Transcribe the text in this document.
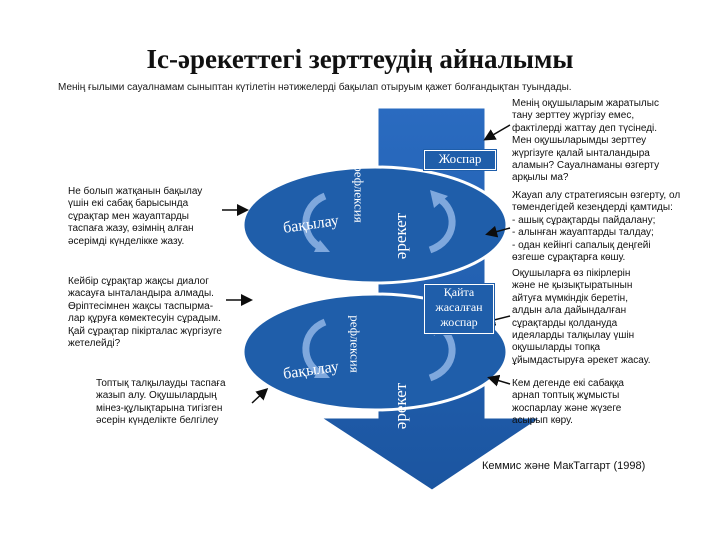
Іс-әрекеттегі зерттеудің айналымы
Менің ғылыми сауалнамам сыныптан күтілетін нәтижелерді бақылап отыруым қажет болғандықтан туындады.
Жоспар
Қайта
жасалған
жоспар
рефлексия
бақылау	әрекет
рефлексия
бақылау
әрекет
Менің оқушыларым жаратылыс
тану зерттеу жүргізу емес,
фактілерді жаттау деп түсінеді.
Мен оқушыларымды зерттеу
жүргізуге қалай ынталандыра
аламын? Сауалнаманы өзгерту
арқылы ма?
Жауап алу стратегиясын өзгерту, ол
төмендегідей кезеңдерді қамтиды:
- ашық сұрақтарды пайдалану;
- алынған жауаптарды талдау;
- одан кейінгі сапалық деңгейі
өзгеше сұрақтарға көшу.
Оқушыларға өз пікірлерін
және не қызықтыратынын
айтуға мүмкіндік беретін,
алдын ала дайындалған
сұрақтарды қолдануда
идеяларды талқылау үшін
оқушыларды топқа
ұйымдастыруға әрекет жасау.
Кем дегенде екі сабаққа
арнап топтық жұмысты
жоспарлау және жүзеге
асырып көру.
Не болып жатқанын бақылау
үшін екі сабақ барысында
сұрақтар мен жауаптарды
таспаға жазу, өзімнің алған
әсерімді күнделікке жазу.
Кейбір сұрақтар жақсы диалог
жасауға ынталандыра алмады.
Өріптесімнен жақсы таспырма-
лар құруға көмектесуін сұрадым.
Қай сұрақтар пікірталас жүргізуге
жетелейді?
Топтық талқылауды таспаға
жазып алу. Оқушылардың
мінез-құлықтарына тигізген
әсерін күнделікте белгілеу
Кеммис және МакТаггарт (1998)
